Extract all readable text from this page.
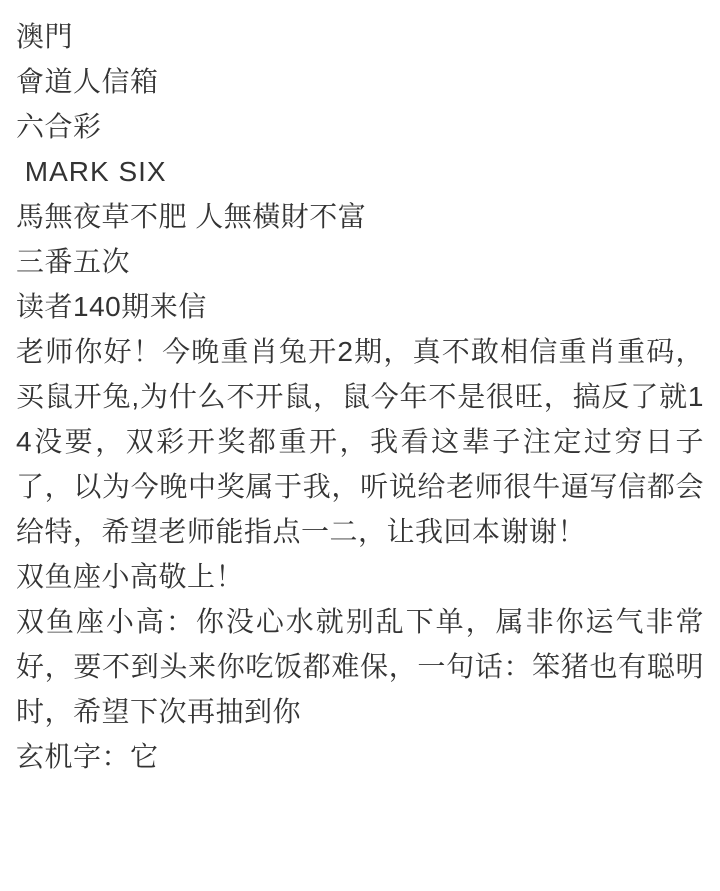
澳門
會道人信箱
六合彩
MARK SIX
馬無夜草不肥 人無橫財不富
三番五次
读者140期来信
老师你好！今晚重肖兔开2期，真不敢相信重肖重码，买鼠开兔,为什么不开鼠，鼠今年不是很旺，搞反了就14没要，双彩开奖都重开，我看这辈子注定过穷日子了，以为今晚中奖属于我，听说给老师很牛逼写信都会给特，希望老师能指点一二，让我回本谢谢！
双鱼座小高敬上！
双鱼座小高：你没心水就别乱下单，属非你运气非常好，要不到头来你吃饭都难保，一句话：笨猪也有聪明时，希望下次再抽到你
玄机字：它
